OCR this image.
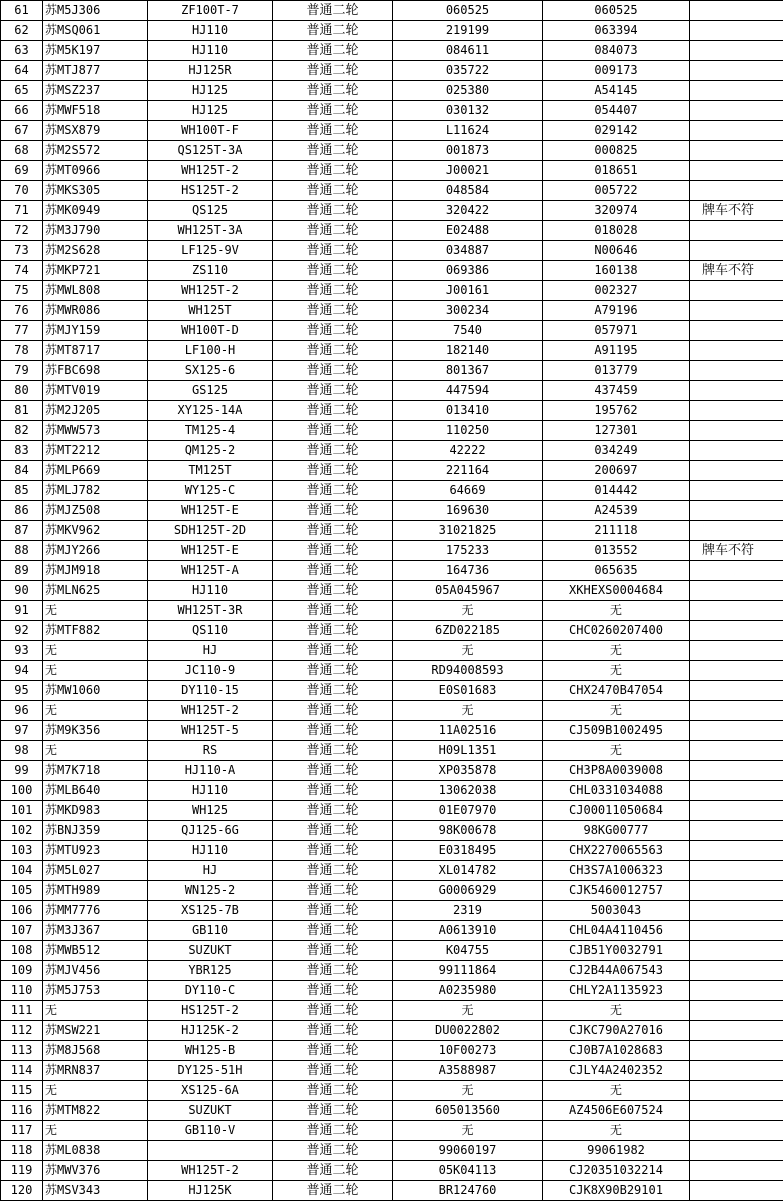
61	苏M5J306	ZF100T-7	普通二轮	060525	060525	
62	苏MSQ061	HJ110	普通二轮	219199	063394	
63	苏M5K197	HJ110	普通二轮	084611	084073	
64	苏MTJ877	HJ125R	普通二轮	035722	009173	
65	苏MSZ237	HJ125	普通二轮	025380	A54145	
66	苏MWF518	HJ125	普通二轮	030132	054407	
67	苏MSX879	WH100T-F	普通二轮	L11624	029142	
68	苏M2S572	QS125T-3A	普通二轮	001873	000825	
69	苏MT0966	WH125T-2	普通二轮	J00021	018651	
70	苏MKS305	HS125T-2	普通二轮	048584	005722	
71	苏MK0949	QS125	普通二轮	320422	320974	牌车不符
72	苏M3J790	WH125T-3A	普通二轮	E02488	018028	
73	苏M2S628	LF125-9V	普通二轮	034887	N00646	
74	苏MKP721	ZS110	普通二轮	069386	160138	牌车不符
75	苏MWL808	WH125T-2	普通二轮	J00161	002327	
76	苏MWR086	WH125T	普通二轮	300234	A79196	
77	苏MJY159	WH100T-D	普通二轮	7540	057971	
78	苏MT8717	LF100-H	普通二轮	182140	A91195	
79	苏FBC698	SX125-6	普通二轮	801367	013779	
80	苏MTV019	GS125	普通二轮	447594	437459	
81	苏M2J205	XY125-14A	普通二轮	013410	195762	
82	苏MWW573	TM125-4	普通二轮	110250	127301	
83	苏MT2212	QM125-2	普通二轮	42222	034249	
84	苏MLP669	TM125T	普通二轮	221164	200697	
85	苏MLJ782	WY125-C	普通二轮	64669	014442	
86	苏MJZ508	WH125T-E	普通二轮	169630	A24539	
87	苏MKV962	SDH125T-2D	普通二轮	31021825	211118	
88	苏MJY266	WH125T-E	普通二轮	175233	013552	牌车不符
89	苏MJM918	WH125T-A	普通二轮	164736	065635	
90	苏MLN625	HJ110	普通二轮	05A045967	XKHEXS0004684	
91	无	WH125T-3R	普通二轮	无	无	
92	苏MTF882	QS110	普通二轮	6ZD022185	CHC0260207400	
93	无	HJ	普通二轮	无	无	
94	无	JC110-9	普通二轮	RD94008593	无	
95	苏MW1060	DY110-15	普通二轮	E0S01683	CHX2470B47054	
96	无	WH125T-2	普通二轮	无	无	
97	苏M9K356	WH125T-5	普通二轮	11A02516	CJ509B1002495	
98	无	RS	普通二轮	H09L1351	无	
99	苏M7K718	HJ110-A	普通二轮	XP035878	CH3P8A0039008	
100	苏MLB640	HJ110	普通二轮	13062038	CHL0331034088	
101	苏MKD983	WH125	普通二轮	01E07970	CJ00011050684	
102	苏BNJ359	QJ125-6G	普通二轮	98K00678	98KG00777	
103	苏MTU923	HJ110	普通二轮	E0318495	CHX2270065563	
104	苏M5L027	HJ	普通二轮	XL014782	CH3S7A1006323	
105	苏MTH989	WN125-2	普通二轮	G0006929	CJK5460012757	
106	苏MM7776	XS125-7B	普通二轮	2319	5003043	
107	苏M3J367	GB110	普通二轮	A0613910	CHL04A4110456	
108	苏MWB512	SUZUKT	普通二轮	K04755	CJB51Y0032791	
109	苏MJV456	YBR125	普通二轮	99111864	CJ2B44A067543	
110	苏M5J753	DY110-C	普通二轮	A0235980	CHLY2A1135923	
111	无	HS125T-2	普通二轮	无	无	
112	苏MSW221	HJ125K-2	普通二轮	DU0022802	CJKC790A27016	
113	苏M8J568	WH125-B	普通二轮	10F00273	CJ0B7A1028683	
114	苏MRN837	DY125-51H	普通二轮	A3588987	CJLY4A2402352	
115	无	XS125-6A	普通二轮	无	无	
116	苏MTM822	SUZUKT	普通二轮	605013560	AZ4506E607524	
117	无	GB110-V	普通二轮	无	无	
118	苏ML0838		普通二轮	99060197	99061982	
119	苏MWV376	WH125T-2	普通二轮	05K04113	CJ20351032214	
120	苏MSV343	HJ125K	普通二轮	BR124760	CJK8X90B29101	
